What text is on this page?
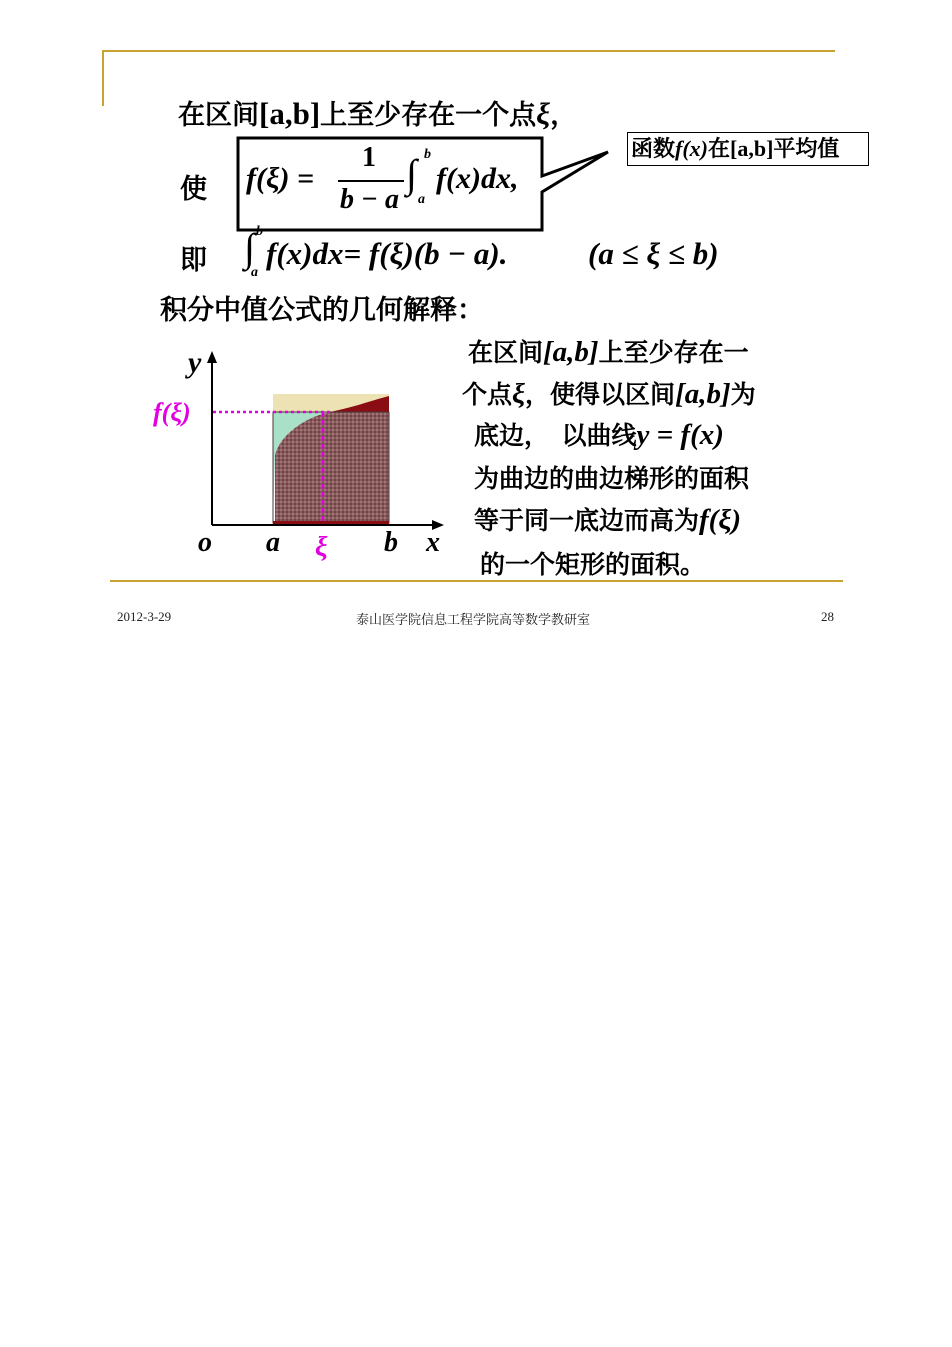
在区间[a,b]上至少存在一个点ξ，
使 f(ξ) =
1
b − a
∫ b
a
f(x)dx,
函数f(x)在[a,b]平均值
即 ∫ b
a
f(x)dx= f(ξ)(b − a).	(a ≤ ξ ≤ b)
积分中值公式的几何解释：
y
f(ξ)
o a ξ b x
在区间[a,b]上至少存在一
个点ξ，使得以区间[a,b]为
底边，　以曲线y = f(x)
为曲边的曲边梯形的面积
等于同一底边而高为f(ξ)
的一个矩形的面积。
2012-3-29	泰山医学院信息工程学院高等数学教研室	28
